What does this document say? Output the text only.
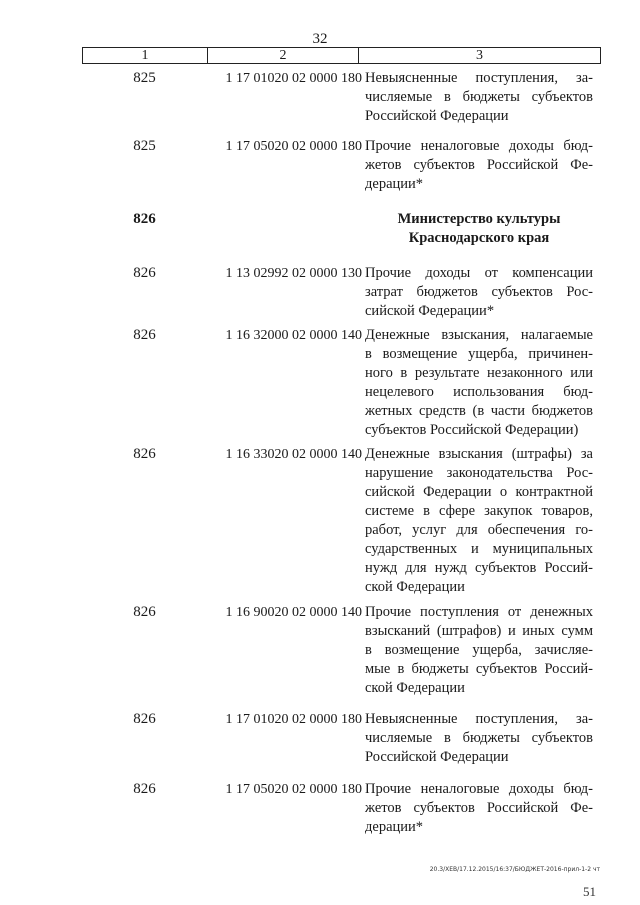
32
1	2	3
825	1 17 01020 02 0000 180 Невыясненные поступления, за-
числяемые в бюджеты субъектов
Российской Федерации
825	1 17 05020 02 0000 180 Прочие неналоговые доходы бюд-
жетов субъектов Российской Фе-
дерации*
826	Министерство культуры
Краснодарского края
826	1 13 02992 02 0000 130 Прочие доходы от компенсации
затрат бюджетов субъектов Рос-
сийской Федерации*
826	1 16 32000 02 0000 140 Денежные взыскания, налагаемые
в возмещение ущерба, причинен-
ного в результате незаконного или
нецелевого использования бюд-
жетных средств (в части бюджетов
субъектов Российской Федерации)
826	1 16 33020 02 0000 140 Денежные взыскания (штрафы) за
нарушение законодательства Рос-
сийской Федерации о контрактной
системе в сфере закупок товаров,
работ, услуг для обеспечения го-
сударственных и муниципальных
нужд для нужд субъектов Россий-
ской Федерации
826	1 16 90020 02 0000 140 Прочие поступления от денежных
взысканий (штрафов) и иных сумм
в возмещение ущерба, зачисляе-
мые в бюджеты субъектов Россий-
ской Федерации
826	1 17 01020 02 0000 180 Невыясненные поступления, за-
числяемые в бюджеты субъектов
Российской Федерации
826	1 17 05020 02 0000 180 Прочие неналоговые доходы бюд-
жетов субъектов Российской Фе-
дерации*
20.3/ХЕВ/17.12.2015/16:37/БЮДЖЕТ-2016-прил-1-2 чт
51
